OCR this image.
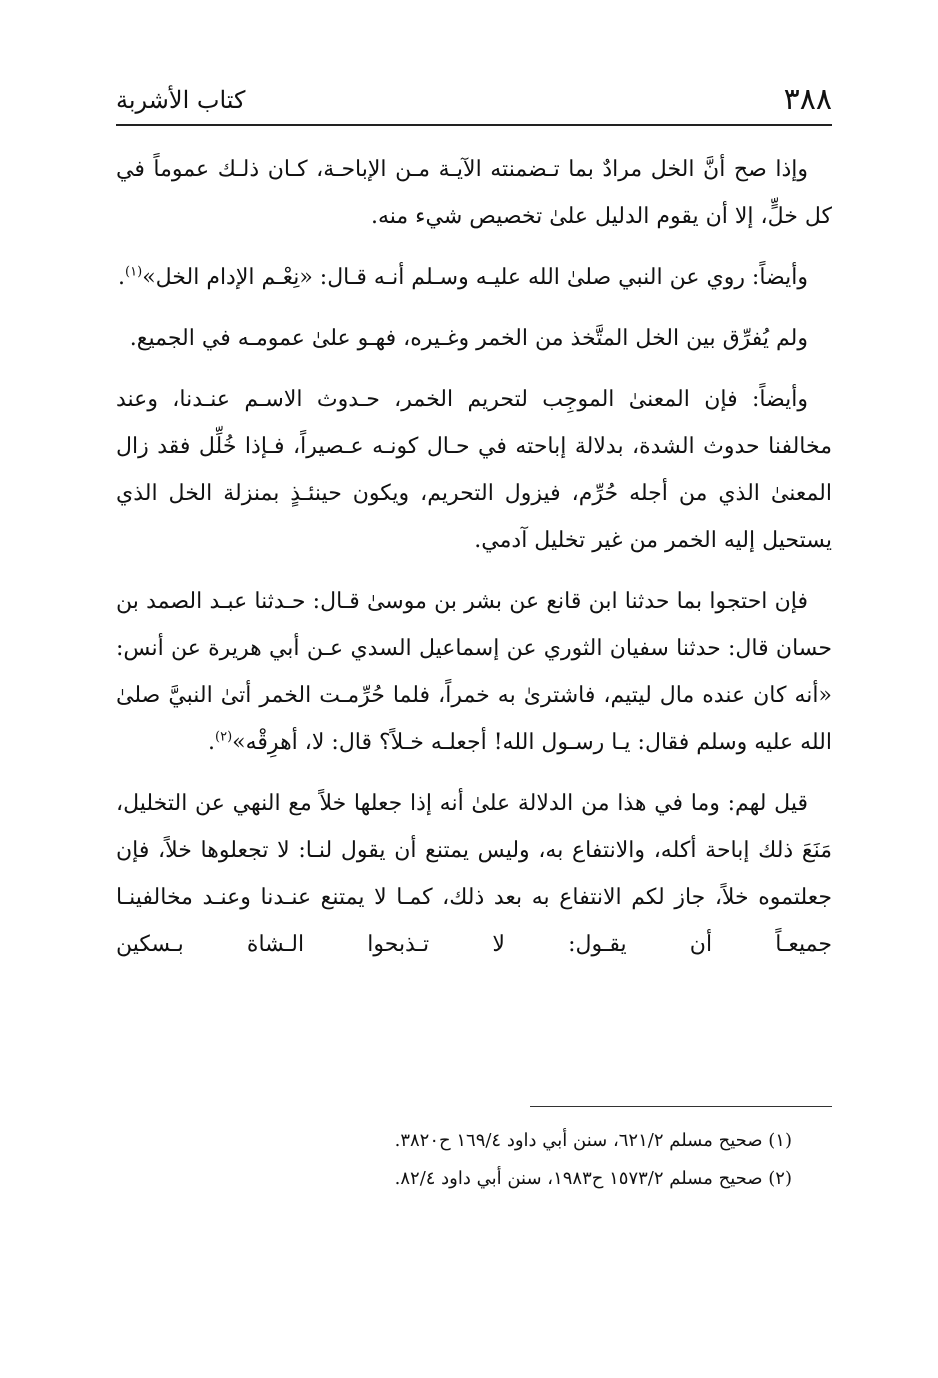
٣٨٨
كتاب الأشربة

وإذا صح أنَّ الخل مرادٌ بما تـضمنته الآيـة مـن الإباحـة، كـان ذلـك عموماً في كل خلٍّ، إلا أن يقوم الدليل علىٰ تخصيص شيء منه.

وأيضاً: روي عن النبي صلىٰ الله عليـه وسـلم أنـه قـال: «نِعْـم الإدام الخل»$^{(١)}$.

ولم يُفرِّق بين الخل المتَّخذ من الخمر وغـيره، فهـو علىٰ عمومـه في الجميع.

وأيضاً: فإن المعنىٰ الموجِب لتحريم الخمر، حـدوث الاسـم عنـدنا، وعند مخالفنا حدوث الشدة، بدلالة إباحته في حـال كونـه عـصيراً، فـإذا خُلِّل فقد زال المعنىٰ الذي من أجله حُرِّم، فيزول التحريم، ويكون حينئـذٍ بمنزلة الخل الذي يستحيل إليه الخمر من غير تخليل آدمي.

فإن احتجوا بما حدثنا ابن قانع عن بشر بن موسىٰ قـال: حـدثنا عبـد الصمد بن حسان قال: حدثنا سفيان الثوري عن إسماعيل السدي عـن أبي هريرة عن أنس: «أنه كان عنده مال ليتيم، فاشترىٰ به خمراً، فلما حُرِّمـت الخمر أتىٰ النبيَّ صلىٰ الله عليه وسلم فقال: يـا رسـول الله! أجعلـه خـلاً؟ قال: لا، أهرِقْه»$^{(٢)}$.

قيل لهم: وما في هذا من الدلالة علىٰ أنه إذا جعلها خلاً مع النهي عن التخليل، مَنَعَ ذلك إباحة أكله، والانتفاع به، وليس يمتنع أن يقول لنـا: لا تجعلوها خلاً، فإن جعلتموه خلاً، جاز لكم الانتفاع به بعد ذلك، كمـا لا يمتنع عنـدنا وعنـد مخالفينـا جميعـاً أن يقـول: لا تـذبحوا الـشاة بـسكين

(١) صحيح مسلم ٦٢١/٢، سنن أبي داود ١٦٩/٤ ح٣٨٢٠.
(٢) صحيح مسلم ١٥٧٣/٢ ح١٩٨٣، سنن أبي داود ٨٢/٤.
